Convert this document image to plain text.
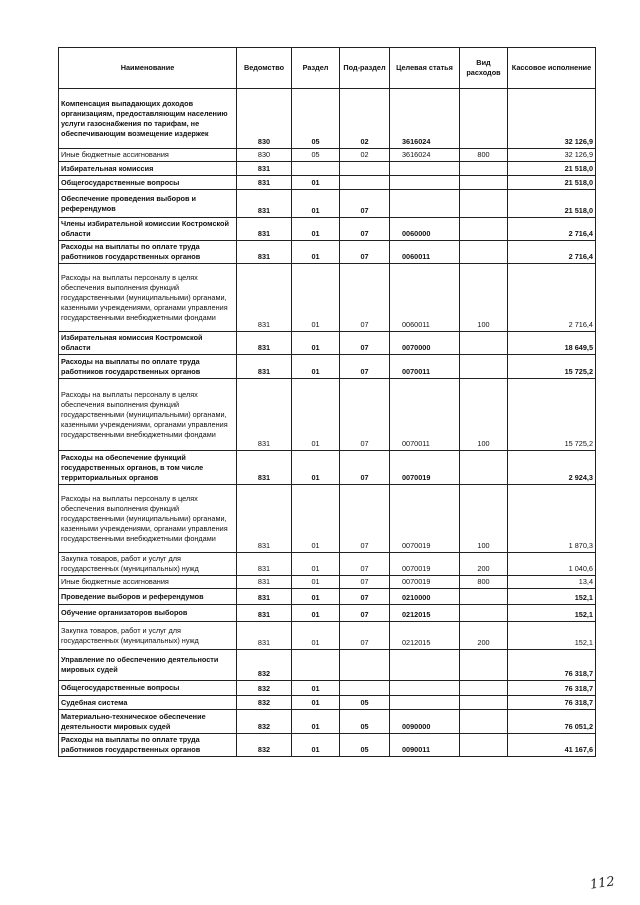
Наименование	Ведомство	Раздел	Под-раздел	Целевая статья	Вид расходов	Кассовое исполнение
Компенсация выпадающих доходов организациям, предоставляющим населению услуги газоснабжения по тарифам, не обеспечивающим возмещение издержек	830	05	02	3616024		32 126,9
Иные бюджетные ассигнования	830	05	02	3616024	800	32 126,9
Избирательная комиссия	831					21 518,0
Общегосударственные вопросы	831	01				21 518,0
Обеспечение проведения выборов и референдумов	831	01	07			21 518,0
Члены избирательной комиссии Костромской области	831	01	07	0060000		2 716,4
Расходы на выплаты по оплате труда работников государственных органов	831	01	07	0060011		2 716,4
Расходы на выплаты персоналу в целях обеспечения выполнения функций государственными (муниципальными) органами, казенными учреждениями, органами управления государственными внебюджетными фондами	831	01	07	0060011	100	2 716,4
Избирательная комиссия Костромской области	831	01	07	0070000		18 649,5
Расходы на выплаты по оплате труда работников государственных органов	831	01	07	0070011		15 725,2
Расходы на выплаты персоналу в целях обеспечения выполнения функций государственными (муниципальными) органами, казенными учреждениями, органами управления государственными внебюджетными фондами	831	01	07	0070011	100	15 725,2
Расходы на обеспечение функций государственных органов, в том числе территориальных органов	831	01	07	0070019		2 924,3
Расходы на выплаты персоналу в целях обеспечения выполнения функций государственными (муниципальными) органами, казенными учреждениями, органами управления государственными внебюджетными фондами	831	01	07	0070019	100	1 870,3
Закупка товаров, работ и услуг для государственных (муниципальных) нужд	831	01	07	0070019	200	1 040,6
Иные бюджетные ассигнования	831	01	07	0070019	800	13,4
Проведение выборов и референдумов	831	01	07	0210000		152,1
Обучение организаторов выборов	831	01	07	0212015		152,1
Закупка товаров, работ и услуг для государственных (муниципальных) нужд	831	01	07	0212015	200	152,1
Управление по обеспечению деятельности мировых судей	832					76 318,7
Общегосударственные вопросы	832	01				76 318,7
Судебная система	832	01	05			76 318,7
Материально-техническое обеспечение деятельности мировых судей	832	01	05	0090000		76 051,2
Расходы на выплаты по оплате труда работников государственных органов	832	01	05	0090011		41 167,6
112
